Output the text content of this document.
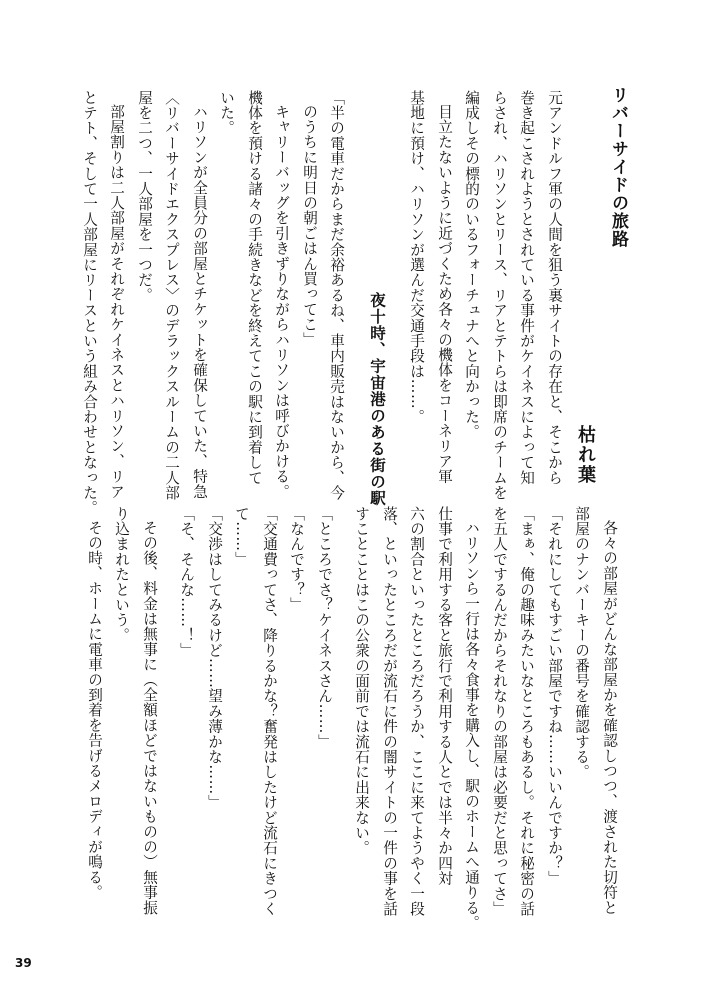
リバーサイドの旅路
枯れ葉
元アンドルフ軍の人間を狙う裏サイトの存在と、そこから
巻き起こされようとされている事件がケイネスによって知
らされ、ハリソンとリース、リアとテトらは即席のチームを
編成しその標的のいるフォーチュナへと向かった。
目立たないように近づくため各々の機体をコーネリア軍
基地に預け、ハリソンが選んだ交通手段は……。
夜十時、宇宙港のある街の駅
「半の電車だからまだ余裕あるね、車内販売はないから、今
のうちに明日の朝ごはん買ってこ」
キャリーバッグを引きずりながらハリソンは呼びかける。
機体を預ける諸々の手続きなどを終えてこの駅に到着して
いた。
ハリソンが全員分の部屋とチケットを確保していた、特急
〈リバーサイドエクスプレス〉のデラックスルームの二人部
屋を二つ、一人部屋を一つだ。
部屋割りは二人部屋がそれぞれケイネスとハリソン、リア
とテト、そして一人部屋にリースという組み合わせとなった。
各々の部屋がどんな部屋かを確認しつつ、渡された切符と
部屋のナンバーキーの番号を確認する。
「それにしてもすごい部屋ですね……いいんですか？」
「まぁ、俺の趣味みたいなところもあるし。それに秘密の話
を五人でするんだからそれなりの部屋は必要だと思ってさ」
ハリソンら一行は各々食事を購入し、駅のホームへ通りる。
仕事で利用する客と旅行で利用する人とでは半々か四対
六の割合といったところだろうか、ここに来てようやく一段
落、といったところだが流石に件の闇サイトの一件の事を話
すことことはこの公衆の面前では流石に出来ない。
「ところでさ？ケイネスさん……」
「なんです？」
「交通費ってさ、降りるかな？奮発はしたけど流石にきつく
て……」
「交渉はしてみるけど……望み薄かな……」
「そ、そんな……！」
その後、料金は無事に（全額ほどではないものの）無事振
り込まれたという。
その時、ホームに電車の到着を告げるメロディが鳴る。
39
